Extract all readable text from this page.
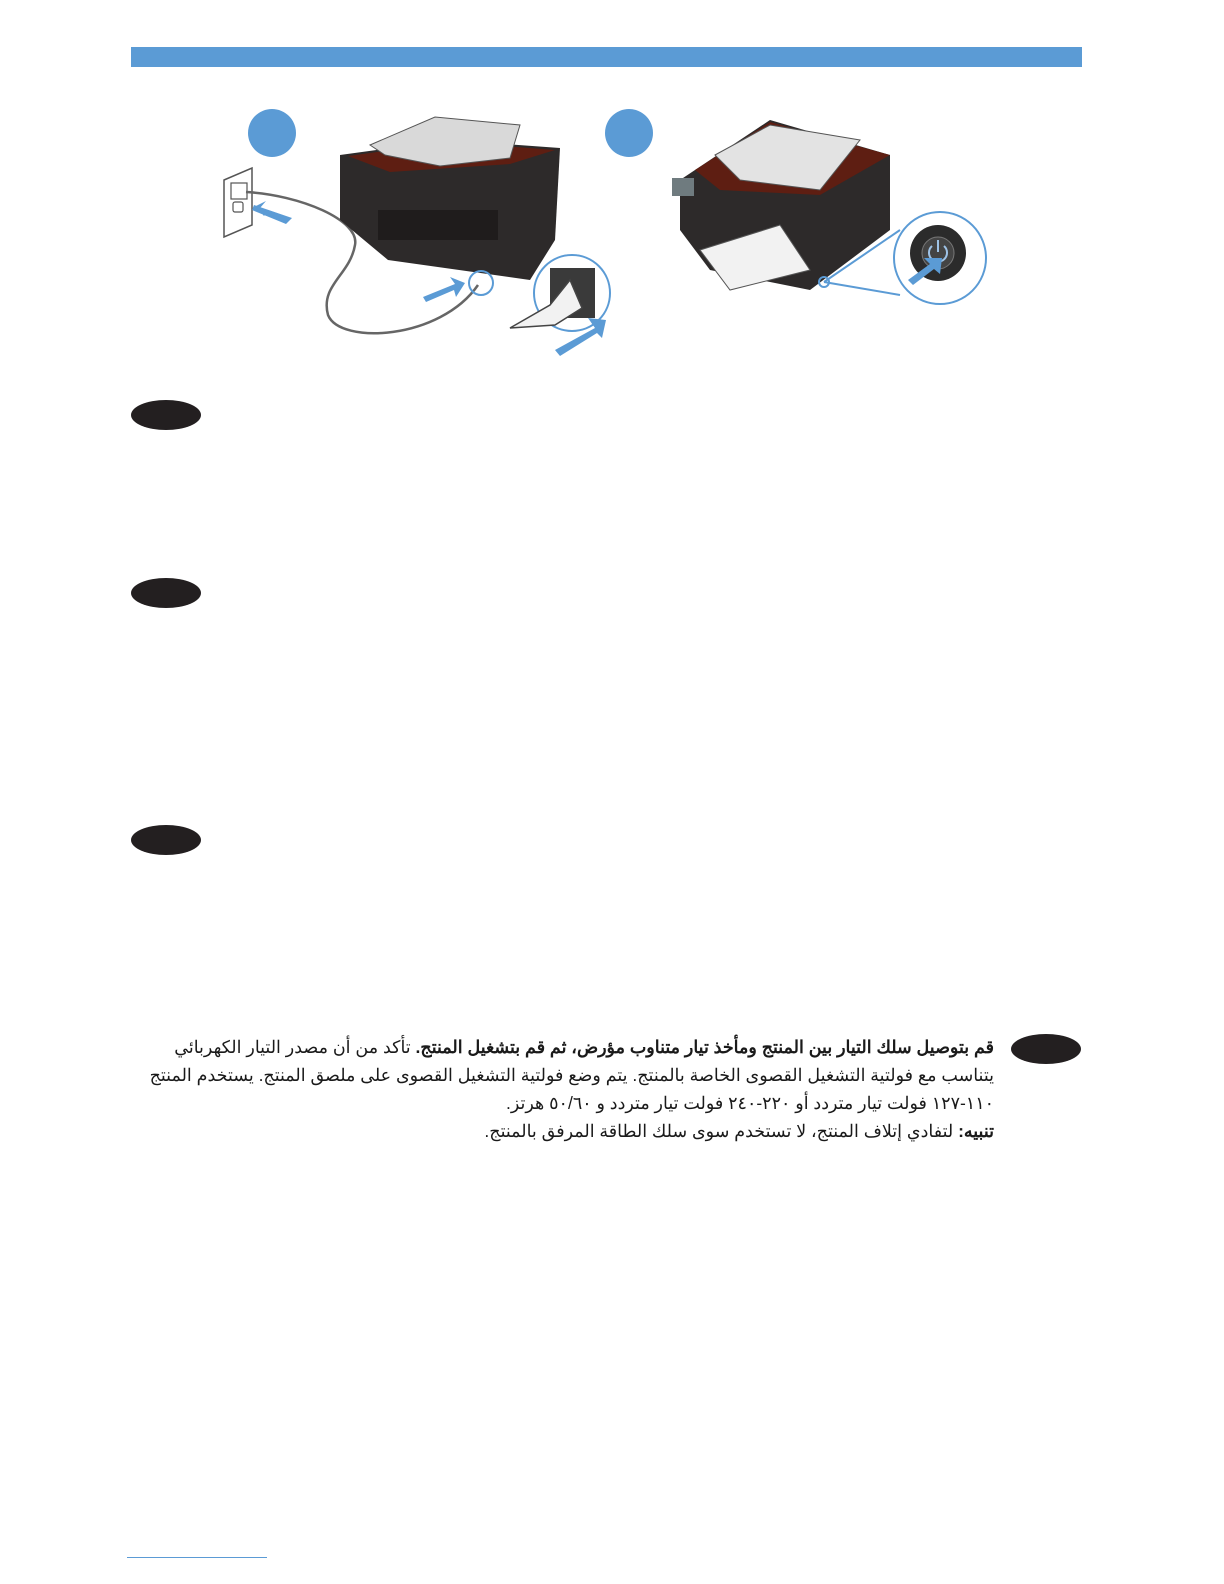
قم بتوصيل سلك التيار بين المنتج ومأخذ تيار متناوب مؤرض، ثم قم بتشغيل المنتج. تأكد من أن مصدر التيار الكهربائي يتناسب مع فولتية التشغيل القصوى الخاصة بالمنتج. يتم وضع فولتية التشغيل القصوى على ملصق المنتج. يستخدم المنتج ١١٠-١٢٧ فولت تيار متردد أو ٢٢٠-٢٤٠ فولت تيار متردد و ٥٠/٦٠ هرتز.

تنبيه: لتفادي إتلاف المنتج، لا تستخدم سوى سلك الطاقة المرفق بالمنتج.
